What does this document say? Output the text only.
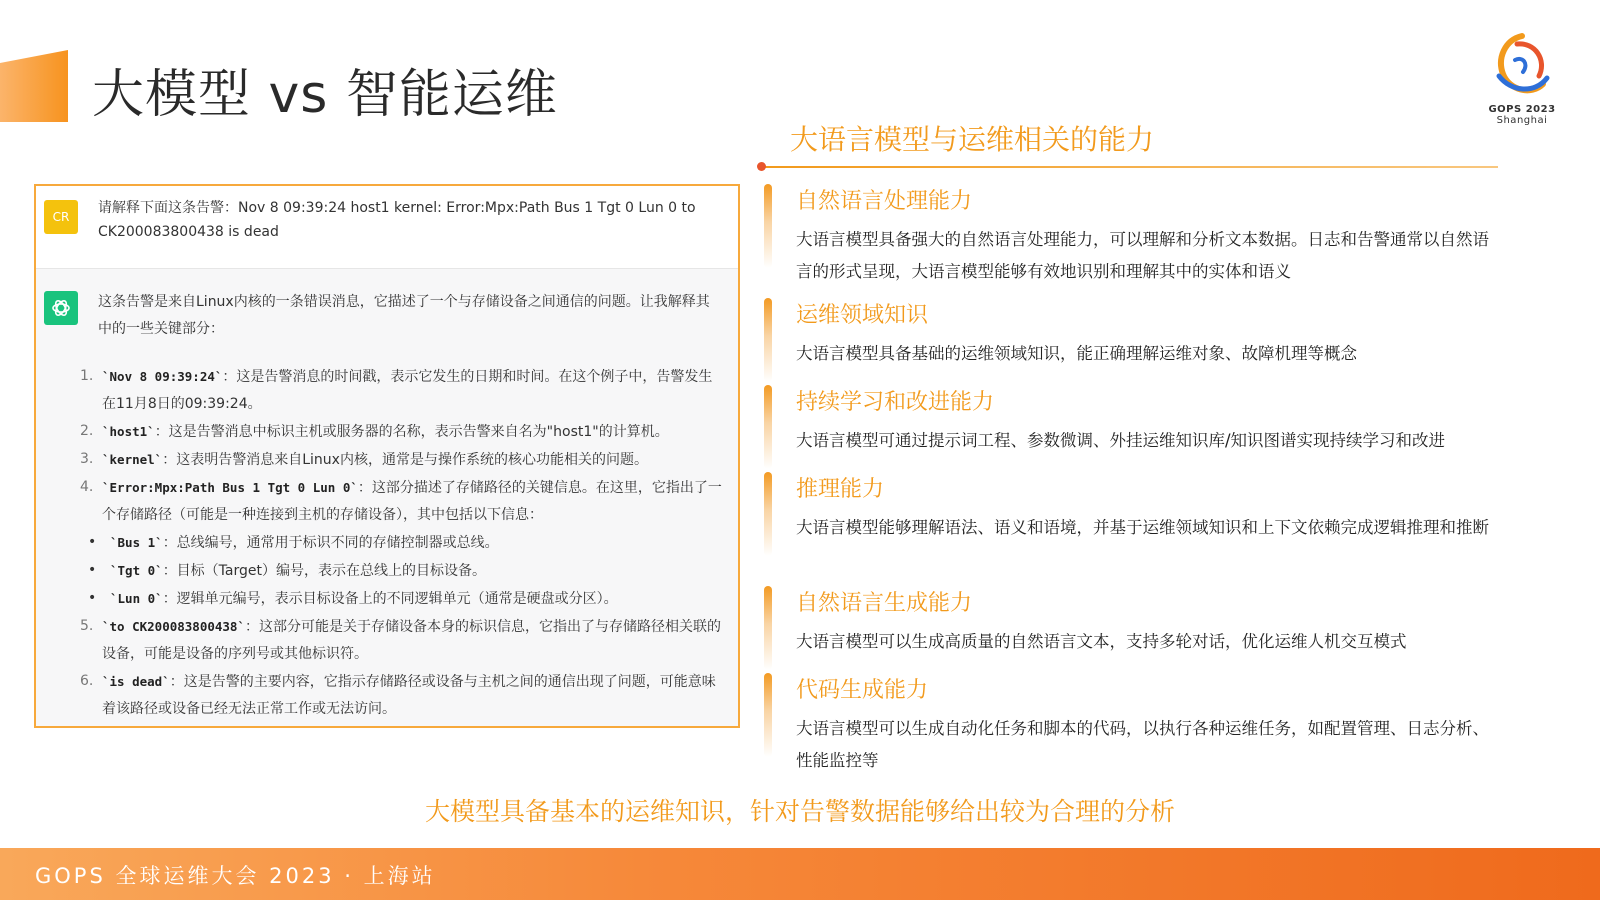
大模型 vs 智能运维	GOPS 2023
Shanghai
CR
请解释下面这条告警：Nov 8 09:39:24 host1 kernel: Error:Mpx:Path Bus 1 Tgt 0 Lun 0 to CK200083800438 is dead
这条告警是来自Linux内核的一条错误消息，它描述了一个与存储设备之间通信的问题。让我解释其中的一些关键部分：
1. `Nov 8 09:39:24`：这是告警消息的时间戳，表示它发生的日期和时间。在这个例子中，告警发生在11月8日的09:39:24。
2. `host1`：这是告警消息中标识主机或服务器的名称，表示告警来自名为"host1"的计算机。
3. `kernel`：这表明告警消息来自Linux内核，通常是与操作系统的核心功能相关的问题。
4. `Error:Mpx:Path Bus 1 Tgt 0 Lun 0`：这部分描述了存储路径的关键信息。在这里，它指出了一个存储路径（可能是一种连接到主机的存储设备），其中包括以下信息：
• `Bus 1`：总线编号，通常用于标识不同的存储控制器或总线。
• `Tgt 0`：目标（Target）编号，表示在总线上的目标设备。
• `Lun 0`：逻辑单元编号，表示目标设备上的不同逻辑单元（通常是硬盘或分区）。
5. `to CK200083800438`：这部分可能是关于存储设备本身的标识信息，它指出了与存储路径相关联的设备，可能是设备的序列号或其他标识符。
6. `is dead`：这是告警的主要内容，它指示存储路径或设备与主机之间的通信出现了问题，可能意味着该路径或设备已经无法正常工作或无法访问。
大语言模型与运维相关的能力
自然语言处理能力
大语言模型具备强大的自然语言处理能力，可以理解和分析文本数据。日志和告警通常以自然语言的形式呈现，大语言模型能够有效地识别和理解其中的实体和语义
运维领域知识
大语言模型具备基础的运维领域知识，能正确理解运维对象、故障机理等概念
持续学习和改进能力
大语言模型可通过提示词工程、参数微调、外挂运维知识库/知识图谱实现持续学习和改进
推理能力
大语言模型能够理解语法、语义和语境，并基于运维领域知识和上下文依赖完成逻辑推理和推断
自然语言生成能力
大语言模型可以生成高质量的自然语言文本，支持多轮对话，优化运维人机交互模式
代码生成能力
大语言模型可以生成自动化任务和脚本的代码，以执行各种运维任务，如配置管理、日志分析、性能监控等
大模型具备基本的运维知识，针对告警数据能够给出较为合理的分析
GOPS 全球运维大会 2023 · 上海站
